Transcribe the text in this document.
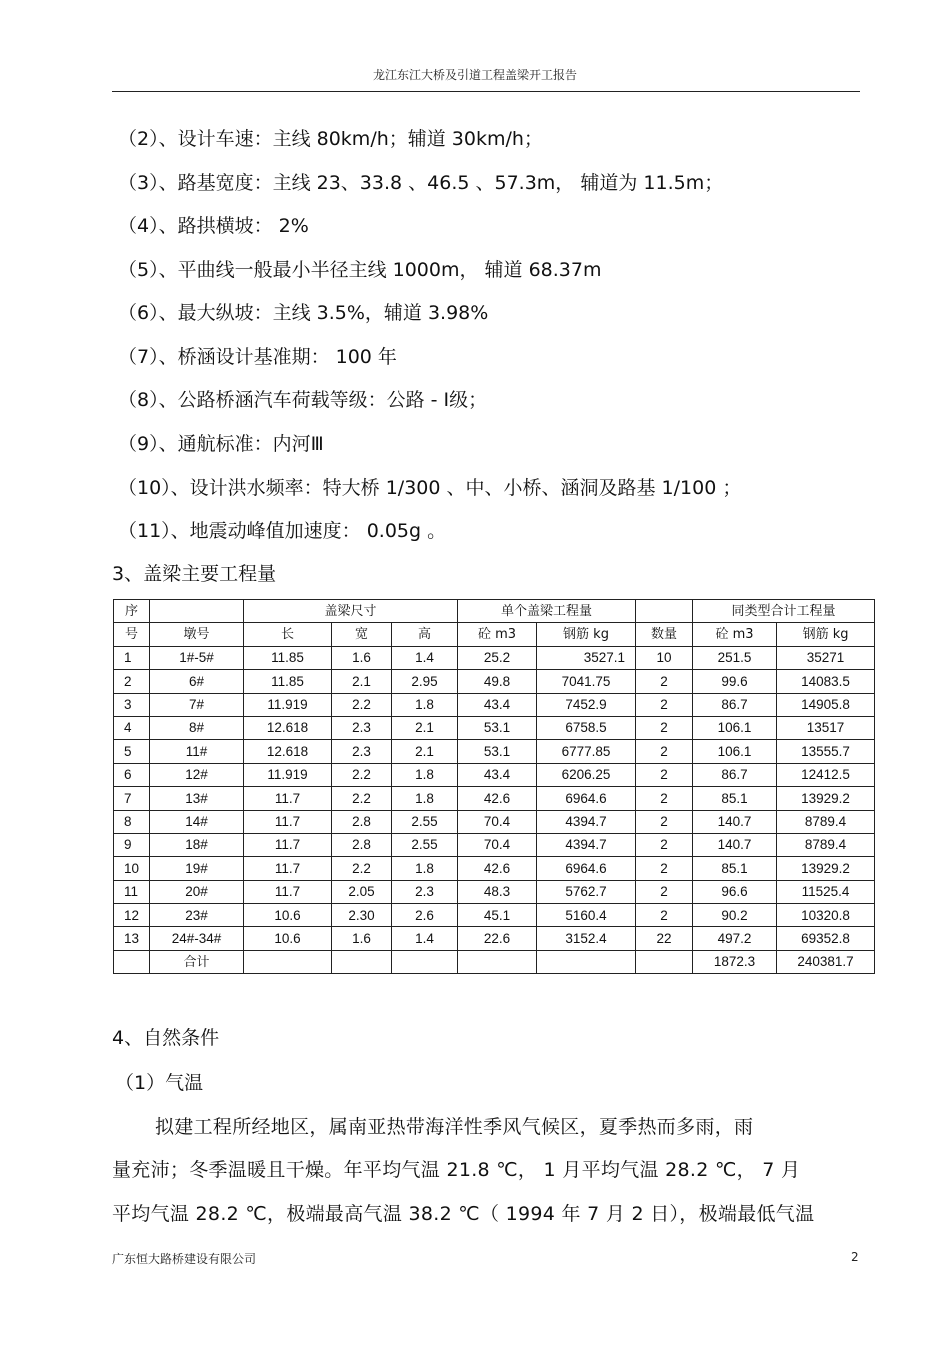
龙江东江大桥及引道工程盖梁开工报告
（2）、设计车速：主线 80km/h；辅道 30km/h；
（3）、路基宽度：主线 23、33.8 、46.5 、57.3m， 辅道为 11.5m；
（4）、路拱横坡： 2%
（5）、平曲线一般最小半径主线 1000m， 辅道 68.37m
（6）、最大纵坡：主线 3.5%，辅道 3.98%
（7）、桥涵设计基准期： 100 年
（8）、公路桥涵汽车荷载等级：公路 - Ⅰ级；
（9）、通航标准：内河Ⅲ
（10）、设计洪水频率：特大桥 1/300 、中、小桥、涵洞及路基 1/100 ；
（11）、地震动峰值加速度： 0.05g 。
3、盖梁主要工程量
序		盖梁尺寸			单个盖梁工程量			同类型合计工程量	
号	墩号	长	宽	高	砼 m3	钢筋 kg	数量	砼 m3	钢筋 kg
1	1#-5#	11.85	1.6	1.4	25.2	3527.1	10	251.5	35271
2	6#	11.85	2.1	2.95	49.8	7041.75	2	99.6	14083.5
3	7#	11.919	2.2	1.8	43.4	7452.9	2	86.7	14905.8
4	8#	12.618	2.3	2.1	53.1	6758.5	2	106.1	13517
5	11#	12.618	2.3	2.1	53.1	6777.85	2	106.1	13555.7
6	12#	11.919	2.2	1.8	43.4	6206.25	2	86.7	12412.5
7	13#	11.7	2.2	1.8	42.6	6964.6	2	85.1	13929.2
8	14#	11.7	2.8	2.55	70.4	4394.7	2	140.7	8789.4
9	18#	11.7	2.8	2.55	70.4	4394.7	2	140.7	8789.4
10	19#	11.7	2.2	1.8	42.6	6964.6	2	85.1	13929.2
11	20#	11.7	2.05	2.3	48.3	5762.7	2	96.6	11525.4
12	23#	10.6	2.30	2.6	45.1	5160.4	2	90.2	10320.8
13	24#-34#	10.6	1.6	1.4	22.6	3152.4	22	497.2	69352.8
	合计							1872.3	240381.7
4、自然条件
（1）气温
拟建工程所经地区，属南亚热带海洋性季风气候区，夏季热而多雨，雨
量充沛；冬季温暖且干燥。年平均气温 21.8 ℃， 1 月平均气温 28.2 ℃， 7 月
平均气温 28.2 ℃，极端最高气温 38.2 ℃（ 1994 年 7 月 2 日），极端最低气温
广东恒大路桥建设有限公司	2
